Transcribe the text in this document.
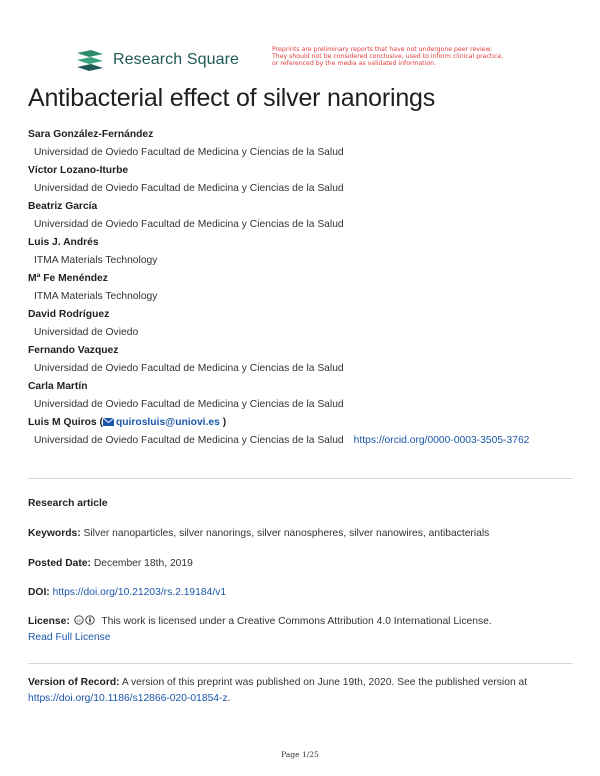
Research Square
Preprints are preliminary reports that have not undergone peer review.
They should not be considered conclusive, used to inform clinical practice,
or referenced by the media as validated information.
Antibacterial effect of silver nanorings
Sara González-Fernández
Universidad de Oviedo Facultad de Medicina y Ciencias de la Salud
Víctor Lozano-Iturbe
Universidad de Oviedo Facultad de Medicina y Ciencias de la Salud
Beatriz García
Universidad de Oviedo Facultad de Medicina y Ciencias de la Salud
Luis J. Andrés
ITMA Materials Technology
Mª Fe Menéndez
ITMA Materials Technology
David Rodríguez
Universidad de Oviedo
Fernando Vazquez
Universidad de Oviedo Facultad de Medicina y Ciencias de la Salud
Carla Martín
Universidad de Oviedo Facultad de Medicina y Ciencias de la Salud
Luis M Quiros ( quirosluis@uniovi.es )
Universidad de Oviedo Facultad de Medicina y Ciencias de la Salud https://orcid.org/0000-0003-3505-3762
Research article
Keywords: Silver nanoparticles, silver nanorings, silver nanospheres, silver nanowires, antibacterials
Posted Date: December 18th, 2019
DOI: https://doi.org/10.21203/rs.2.19184/v1
License: cc This work is licensed under a Creative Commons Attribution 4.0 International License.
Read Full License
Version of Record: A version of this preprint was published on June 19th, 2020. See the published version at https://doi.org/10.1186/s12866-020-01854-z.
Page 1/25
